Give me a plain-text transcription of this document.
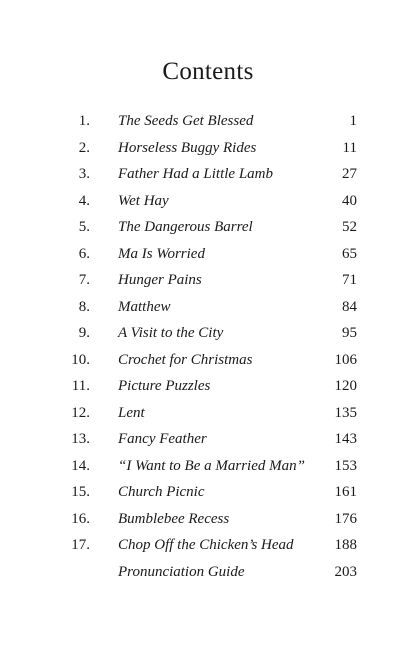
Contents
1. The Seeds Get Blessed	1
2. Horseless Buggy Rides	11
3. Father Had a Little Lamb	27
4. Wet Hay	40
5. The Dangerous Barrel	52
6. Ma Is Worried	65
7. Hunger Pains	71
8. Matthew	84
9. A Visit to the City	95
10. Crochet for Christmas	106
11. Picture Puzzles	120
12. Lent	135
13. Fancy Feather	143
14. “I Want to Be a Married Man” 153
15. Church Picnic	161
16. Bumblebee Recess	176
17. Chop Off the Chicken’s Head	188
Pronunciation Guide	203
